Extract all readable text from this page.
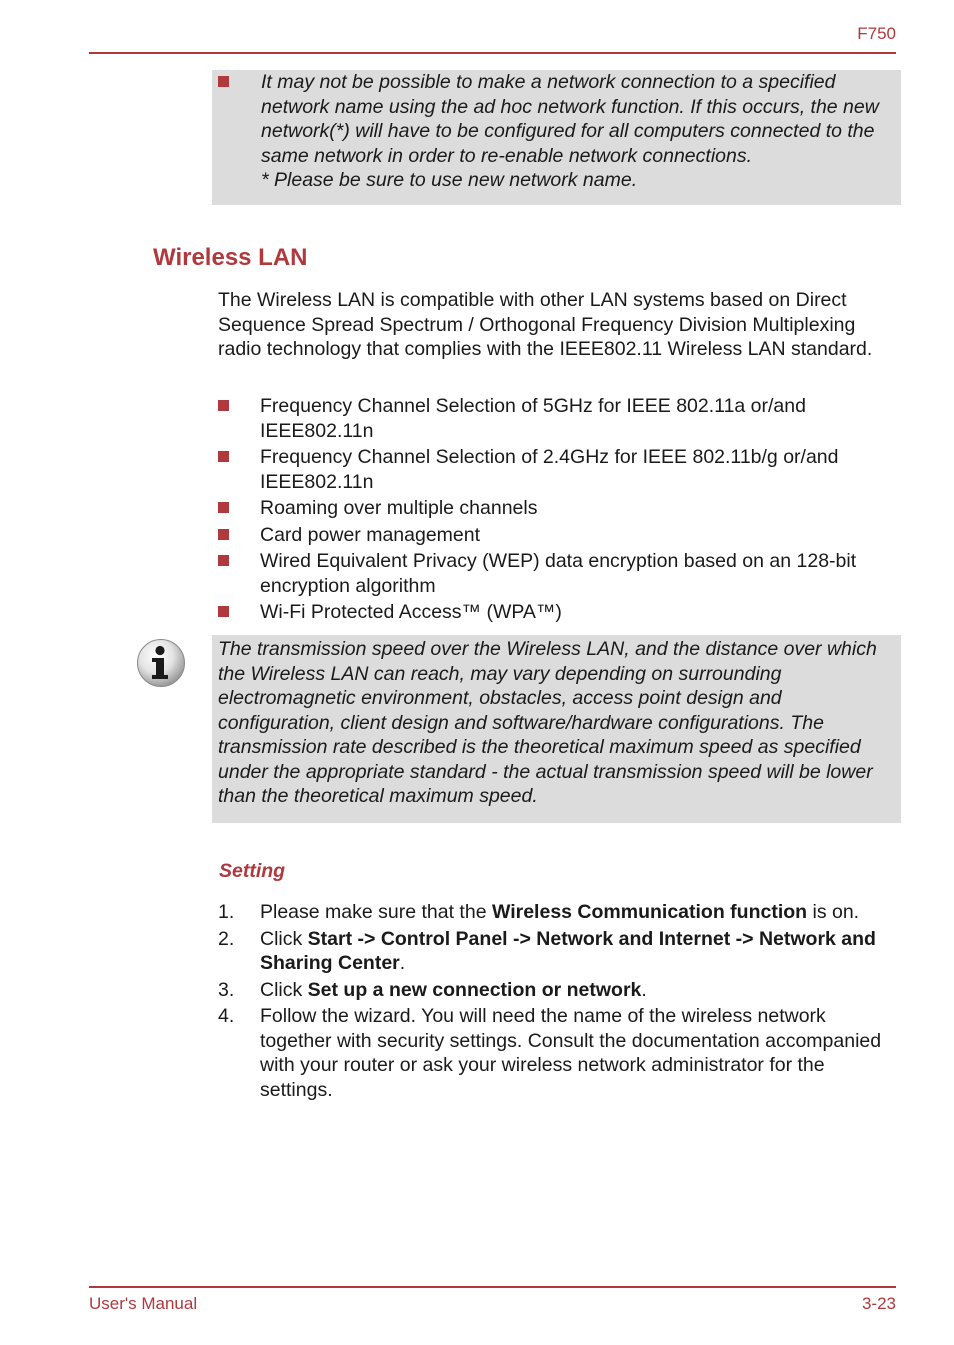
F750

It may not be possible to make a network connection to a specified network name using the ad hoc network function. If this occurs, the new network(*) will have to be configured for all computers connected to the same network in order to re-enable network connections.

* Please be sure to use new network name.

Wireless LAN

The Wireless LAN is compatible with other LAN systems based on Direct Sequence Spread Spectrum / Orthogonal Frequency Division Multiplexing radio technology that complies with the IEEE802.11 Wireless LAN standard.

Frequency Channel Selection of 5GHz for IEEE 802.11a or/and IEEE802.11n
Frequency Channel Selection of 2.4GHz for IEEE 802.11b/g or/and IEEE802.11n
Roaming over multiple channels
Card power management
Wired Equivalent Privacy (WEP) data encryption based on an 128-bit encryption algorithm
Wi-Fi Protected Access™ (WPA™)
The transmission speed over the Wireless LAN, and the distance over which the Wireless LAN can reach, may vary depending on surrounding electromagnetic environment, obstacles, access point design and configuration, client design and software/hardware configurations. The transmission rate described is the theoretical maximum speed as specified under the appropriate standard - the actual transmission speed will be lower than the theoretical maximum speed.
Setting
1. Please make sure that the Wireless Communication function is on.
2. Click Start -> Control Panel -> Network and Internet -> Network and Sharing Center.
3. Click Set up a new connection or network.
4. Follow the wizard. You will need the name of the wireless network together with security settings. Consult the documentation accompanied with your router or ask your wireless network administrator for the settings.
User's Manual	3-23
